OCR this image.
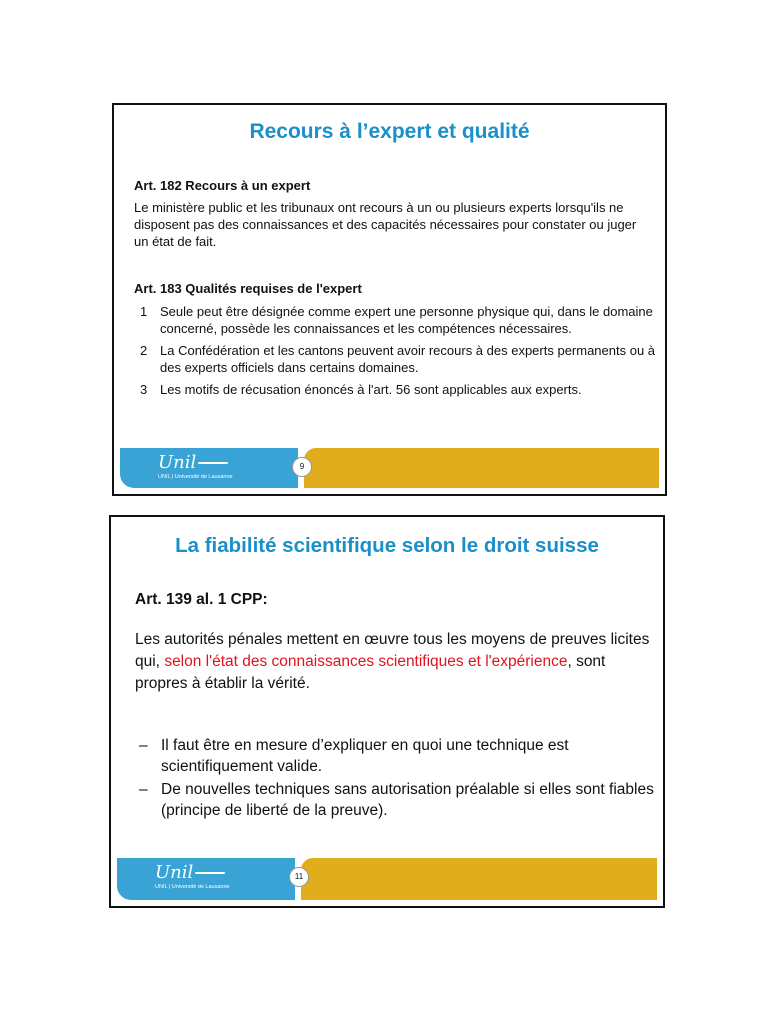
Recours à l’expert et qualité
Art. 182 Recours à un expert
Le ministère public et les tribunaux ont recours à un ou plusieurs experts lorsqu'ils ne disposent pas des connaissances et des capacités nécessaires pour constater ou juger un état de fait.
Art. 183 Qualités requises de l'expert
1 Seule peut être désignée comme expert une personne physique qui, dans le domaine concerné, possède les connaissances et les compétences nécessaires.
2 La Confédération et les cantons peuvent avoir recours à des experts permanents ou à des experts officiels dans certains domaines.
3 Les motifs de récusation énoncés à l'art. 56 sont applicables aux experts.
Unil
UNIL | Université de Lausanne
9
La fiabilité scientifique selon le droit suisse
Art. 139 al. 1 CPP:
Les autorités pénales mettent en œuvre tous les moyens de preuves licites qui, selon l'état des connaissances scientifiques et l'expérience, sont propres à établir la vérité.
– Il faut être en mesure d’expliquer en quoi une technique est scientifiquement valide.
– De nouvelles techniques sans autorisation préalable si elles sont fiables (principe de liberté de la preuve).
Unil
UNIL | Université de Lausanne
11
